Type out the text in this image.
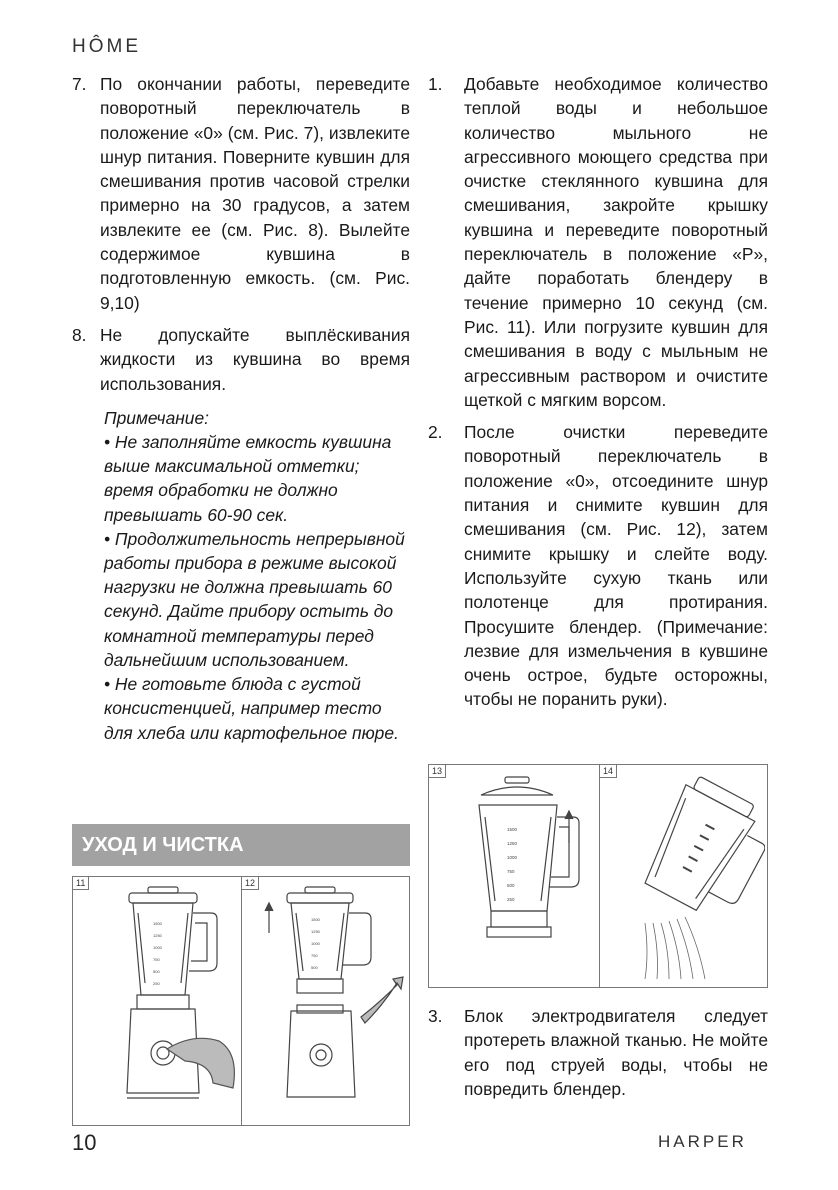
HÔME
7. По окончании работы, переведите поворотный переключатель в положение «0» (см. Рис. 7), извлеките шнур питания. Поверните кувшин для смешивания против часовой стрелки примерно на 30 градусов, а затем извлеките ее (см. Рис. 8). Вылейте содержимое кувшина в подготовленную емкость. (см. Рис. 9,10)
8. Не допускайте выплёскивания жидкости из кувшина во время использования.
Примечание:
• Не заполняйте емкость кувшина выше максимальной отметки; время обработки не должно превышать 60-90 сек.
• Продолжительность непрерывной работы прибора в режиме высокой нагрузки не должна превышать 60 секунд. Дайте прибору остыть до комнатной температуры перед дальнейшим использованием.
• Не готовьте блюда с густой консистенцией, например тесто для хлеба или картофельное пюре.
УХОД И ЧИСТКА
11	12
1500
1250
1000
750
500
250
1500
1250
1000
750
500
1.	Добавьте необходимое количество теплой воды и небольшое количество мыльного не агрессивного моющего средства при очистке стеклянного кувшина для смешивания, закройте крышку кувшина и переведите поворотный переключатель в положение «P», дайте поработать блендеру в течение примерно 10 секунд (см. Рис. 11). Или погрузите кувшин для смешивания в воду с мыльным не агрессивным раствором и очистите щеткой с мягким ворсом.
2.	После очистки переведите поворотный переключатель в положение «0», отсоедините шнур питания и снимите кувшин для смешивания (см. Рис. 12), затем снимите крышку и слейте воду. Используйте сухую ткань или полотенце для протирания. Просушите блендер. (Примечание: лезвие для измельчения в кувшине очень острое, будьте осторожны, чтобы не поранить руки).
13	14
1500
1250
1000
750
500
250
3.	Блок электродвигателя следует протереть влажной тканью. Не мойте его под струей воды, чтобы не повредить блендер.
10	HARPER
